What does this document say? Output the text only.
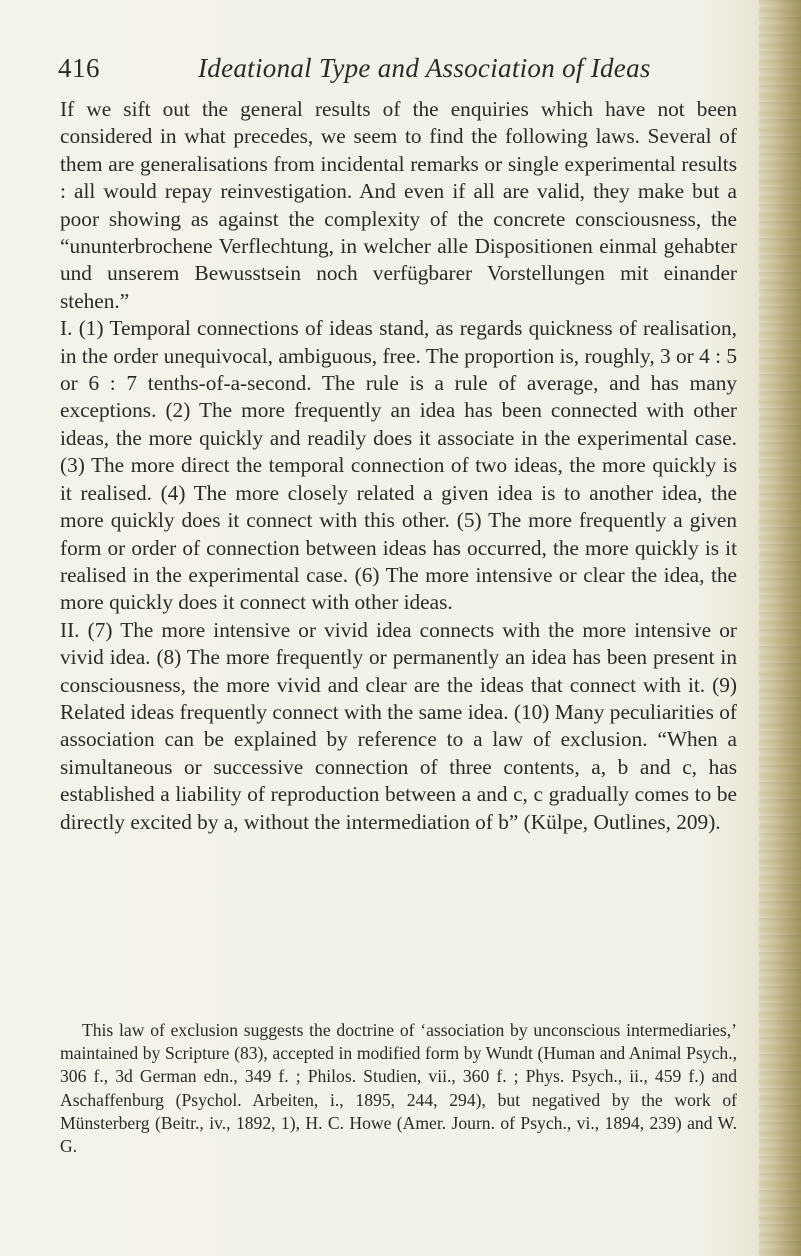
416	Ideational Type and Association of Ideas

If we sift out the general results of the enquiries which have not been considered in what precedes, we seem to find the following laws. Several of them are generalisations from incidental remarks or single experimental results : all would repay reinvestigation. And even if all are valid, they make but a poor showing as against the complexity of the concrete consciousness, the “ununterbrochene Verflechtung, in welcher alle Dispositionen einmal gehabter und unserem Bewusstsein noch verfügbarer Vorstellungen mit einander stehen.”

I. (1) Temporal connections of ideas stand, as regards quickness of realisation, in the order unequivocal, ambiguous, free. The proportion is, roughly, 3 or 4 : 5 or 6 : 7 tenths-of-a-second. The rule is a rule of average, and has many exceptions. (2) The more frequently an idea has been connected with other ideas, the more quickly and readily does it associate in the experimental case. (3) The more direct the temporal connection of two ideas, the more quickly is it realised. (4) The more closely related a given idea is to another idea, the more quickly does it connect with this other. (5) The more frequently a given form or order of connection between ideas has occurred, the more quickly is it realised in the experimental case. (6) The more intensive or clear the idea, the more quickly does it connect with other ideas.

II. (7) The more intensive or vivid idea connects with the more intensive or vivid idea. (8) The more frequently or permanently an idea has been present in consciousness, the more vivid and clear are the ideas that connect with it. (9) Related ideas frequently connect with the same idea. (10) Many peculiarities of association can be explained by reference to a law of exclusion. “When a simultaneous or successive connection of three contents, a, b and c, has established a liability of reproduction between a and c, c gradually comes to be directly excited by a, without the intermediation of b” (Külpe, Outlines, 209).

This law of exclusion suggests the doctrine of ‘association by unconscious intermediaries,’ maintained by Scripture (83), accepted in modified form by Wundt (Human and Animal Psych., 306 f., 3d German edn., 349 f. ; Philos. Studien, vii., 360 f. ; Phys. Psych., ii., 459 f.) and Aschaffenburg (Psychol. Arbeiten, i., 1895, 244, 294), but negatived by the work of Münsterberg (Beitr., iv., 1892, 1), H. C. Howe (Amer. Journ. of Psych., vi., 1894, 239) and W. G.
